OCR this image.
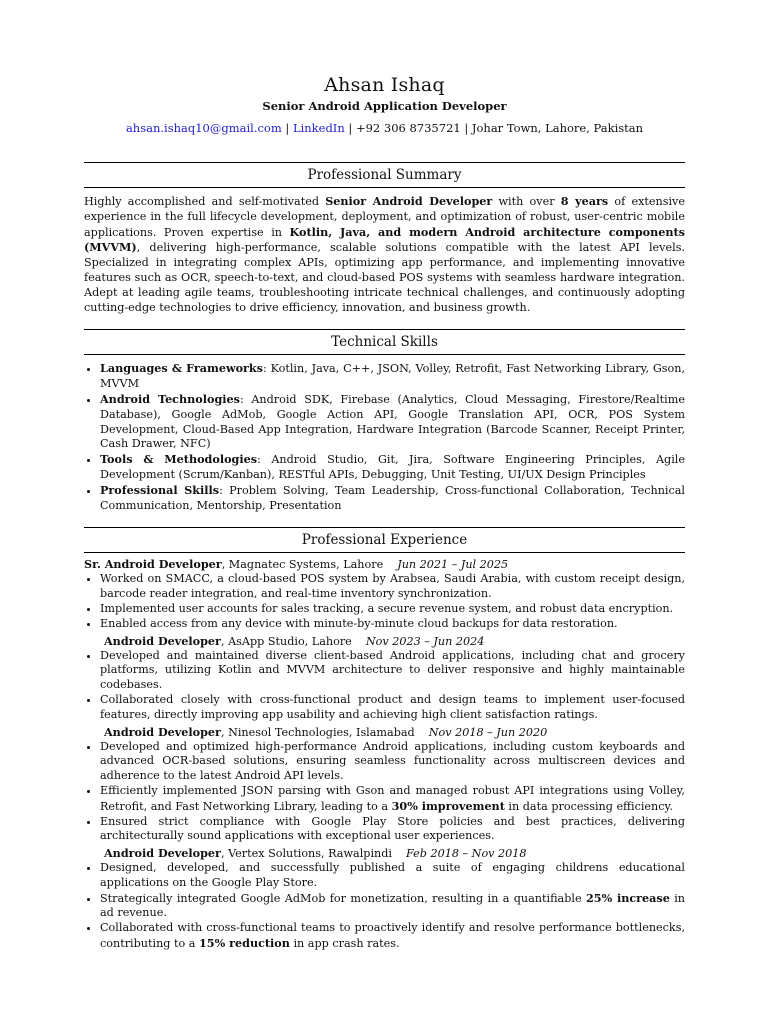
Ahsan Ishaq
Senior Android Application Developer
ahsan.ishaq10@gmail.com | LinkedIn | +92 306 8735721 | Johar Town, Lahore, Pakistan
Professional Summary
Highly accomplished and self-motivated Senior Android Developer with over 8 years of extensive experience in the full lifecycle development, deployment, and optimization of robust, user-centric mobile applications. Proven expertise in Kotlin, Java, and modern Android architecture components (MVVM), delivering high-performance, scalable solutions compatible with the latest API levels. Specialized in integrating complex APIs, optimizing app performance, and implementing innovative features such as OCR, speech-to-text, and cloud-based POS systems with seamless hardware integration. Adept at leading agile teams, troubleshooting intricate technical challenges, and continuously adopting cutting-edge technologies to drive efficiency, innovation, and business growth.
Technical Skills
• Languages & Frameworks: Kotlin, Java, C++, JSON, Volley, Retrofit, Fast Networking Library, Gson, MVVM
• Android Technologies: Android SDK, Firebase (Analytics, Cloud Messaging, Firestore/Realtime Database), Google AdMob, Google Action API, Google Translation API, OCR, POS System Development, Cloud-Based App Integration, Hardware Integration (Barcode Scanner, Receipt Printer, Cash Drawer, NFC)
• Tools & Methodologies: Android Studio, Git, Jira, Software Engineering Principles, Agile Development (Scrum/Kanban), RESTful APIs, Debugging, Unit Testing, UI/UX Design Principles
• Professional Skills: Problem Solving, Team Leadership, Cross-functional Collaboration, Technical Communication, Mentorship, Presentation
Professional Experience
Sr. Android Developer, Magnatec Systems, Lahore Jun 2021 – Jul 2025
• Worked on SMACC, a cloud-based POS system by Arabsea, Saudi Arabia, with custom receipt design, barcode reader integration, and real-time inventory synchronization.
• Implemented user accounts for sales tracking, a secure revenue system, and robust data encryption.
• Enabled access from any device with minute-by-minute cloud backups for data restoration.
Android Developer, AsApp Studio, Lahore Nov 2023 – Jun 2024
• Developed and maintained diverse client-based Android applications, including chat and grocery platforms, utilizing Kotlin and MVVM architecture to deliver responsive and highly maintainable codebases.
• Collaborated closely with cross-functional product and design teams to implement user-focused features, directly improving app usability and achieving high client satisfaction ratings.
Android Developer, Ninesol Technologies, Islamabad Nov 2018 – Jun 2020
• Developed and optimized high-performance Android applications, including custom keyboards and advanced OCR-based solutions, ensuring seamless functionality across multiscreen devices and adherence to the latest Android API levels.
• Efficiently implemented JSON parsing with Gson and managed robust API integrations using Volley, Retrofit, and Fast Networking Library, leading to a 30% improvement in data processing efficiency.
• Ensured strict compliance with Google Play Store policies and best practices, delivering architecturally sound applications with exceptional user experiences.
Android Developer, Vertex Solutions, Rawalpindi Feb 2018 – Nov 2018
• Designed, developed, and successfully published a suite of engaging childrens educational applications on the Google Play Store.
• Strategically integrated Google AdMob for monetization, resulting in a quantifiable 25% increase in ad revenue.
• Collaborated with cross-functional teams to proactively identify and resolve performance bottlenecks, contributing to a 15% reduction in app crash rates.
